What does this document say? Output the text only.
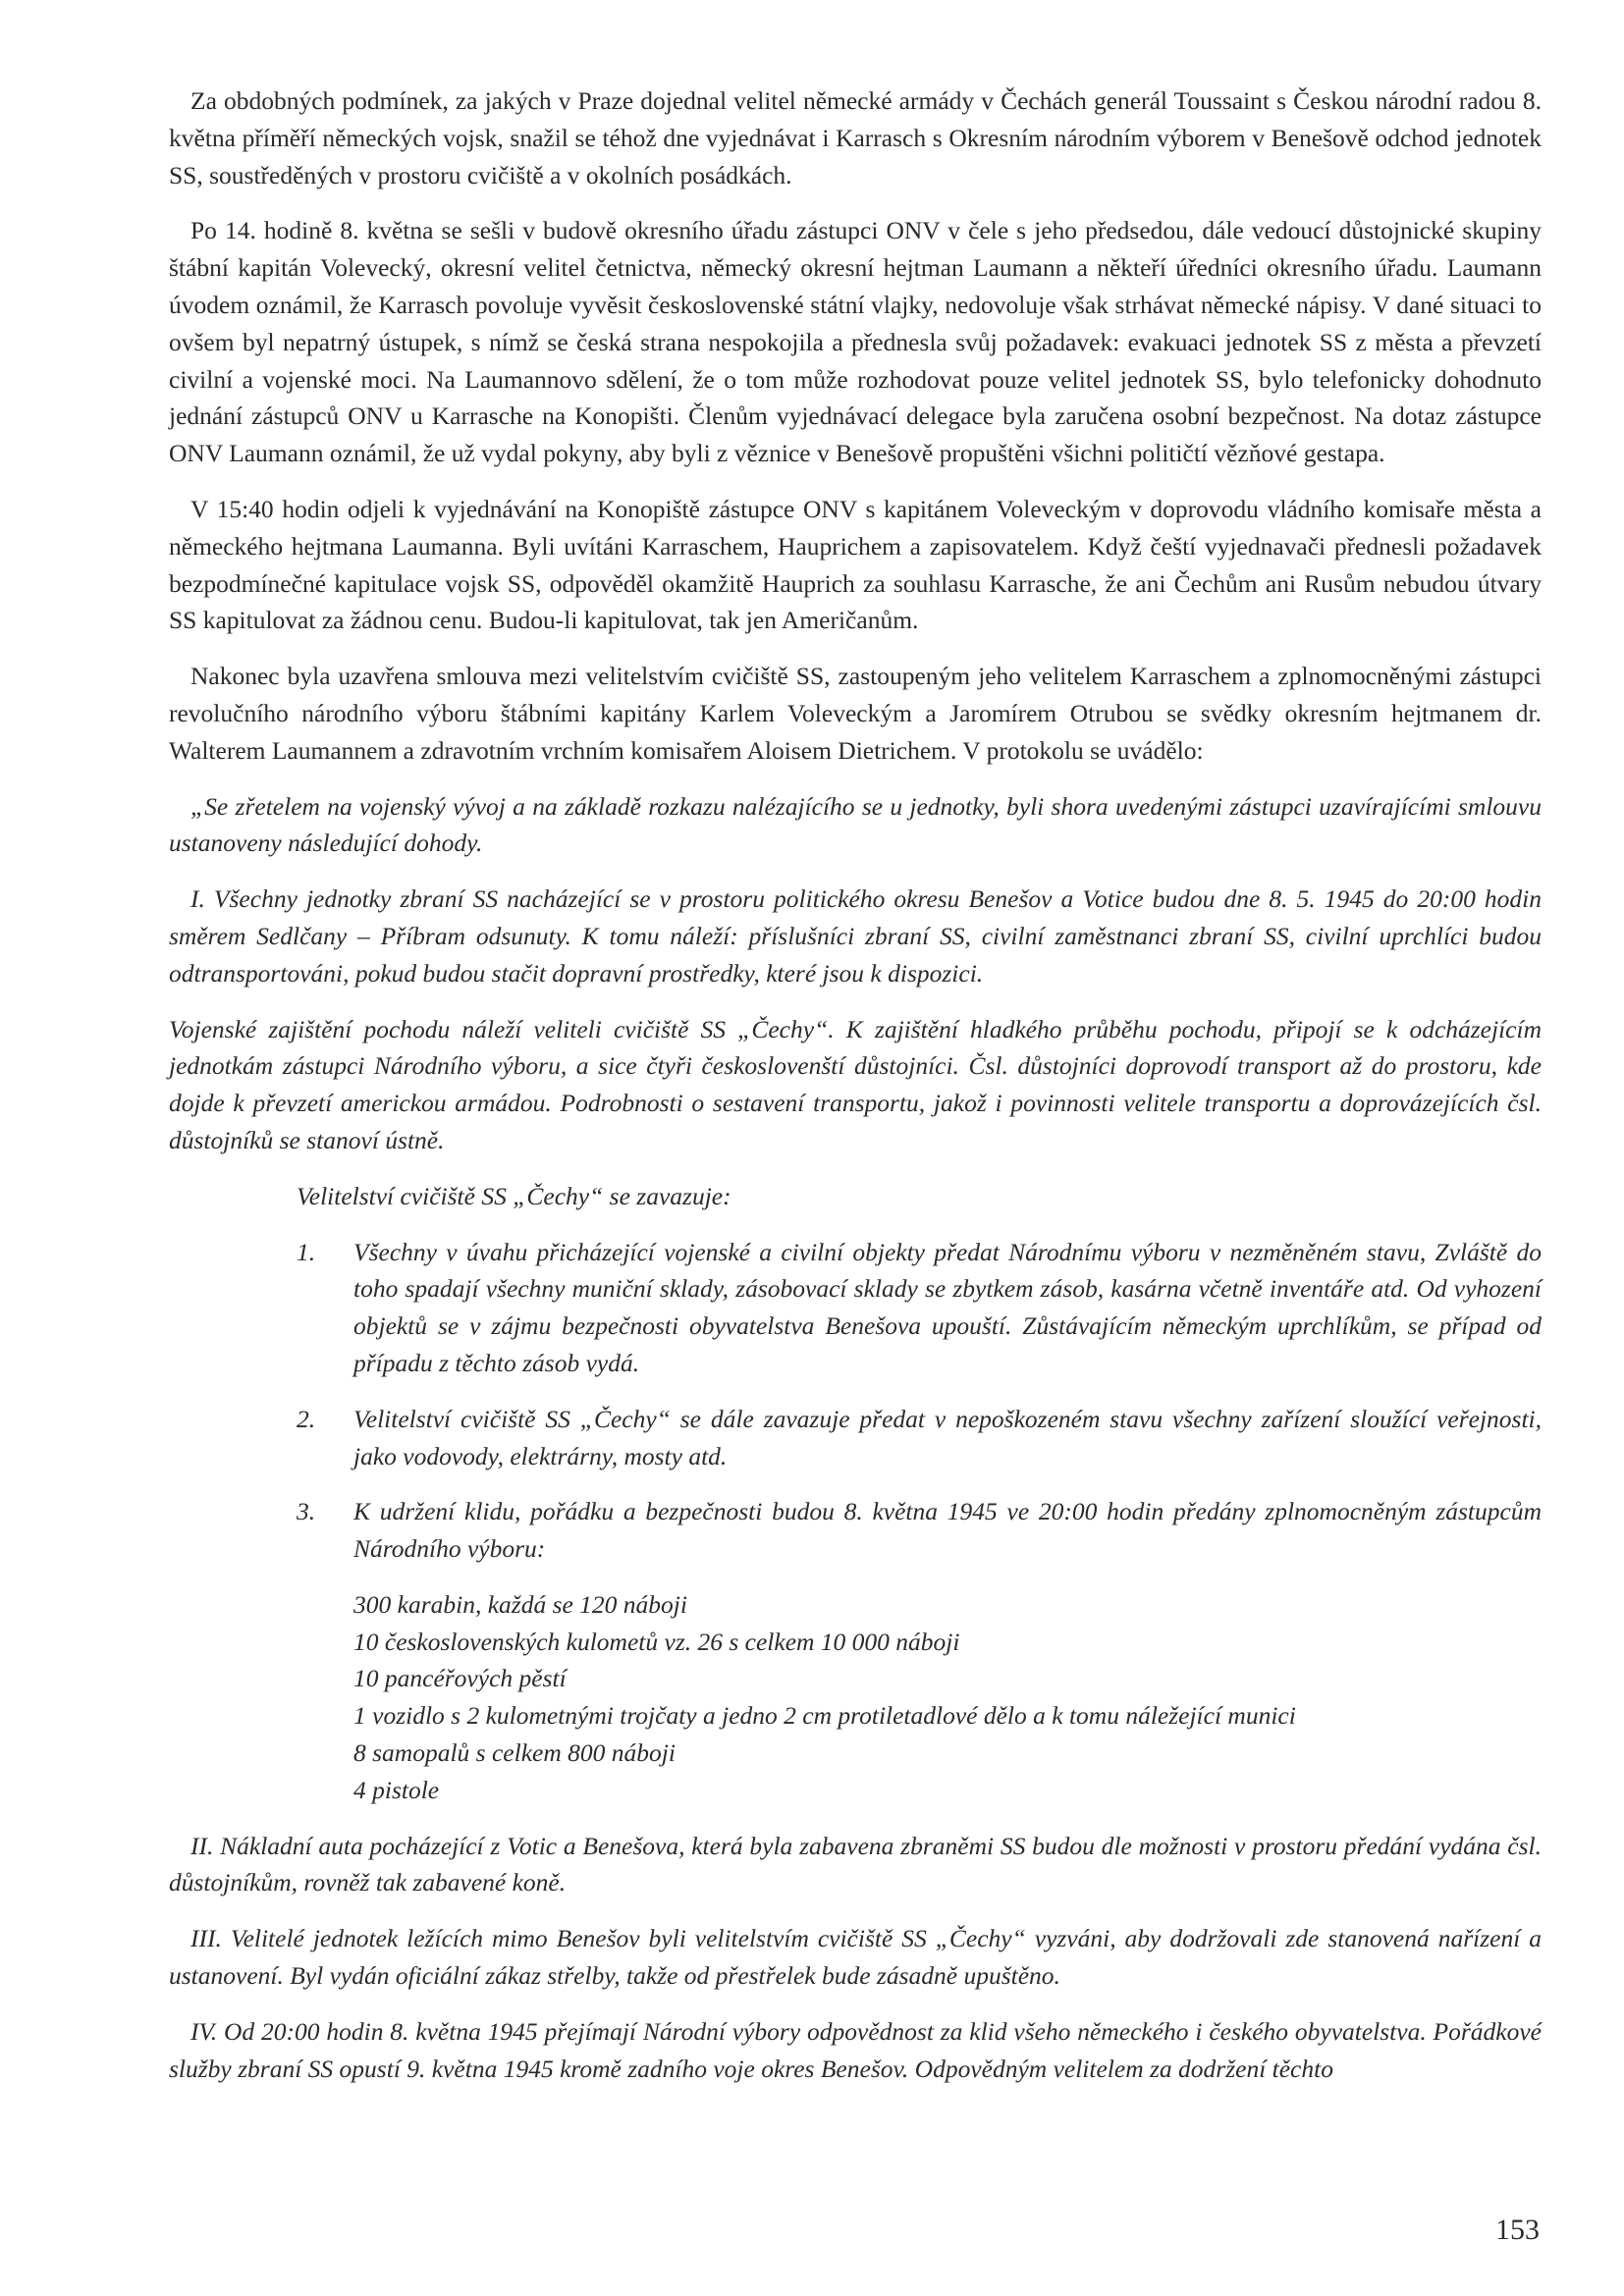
Za obdobných podmínek, za jakých v Praze dojednal velitel německé armády v Čechách generál Toussaint s Českou národní radou 8. května příměří německých vojsk, snažil se téhož dne vyjednávat i Karrasch s Okresním národním výborem v Benešově odchod jednotek SS, soustředěných v prostoru cvičiště a v okolních posádkách.

Po 14. hodině 8. května se sešli v budově okresního úřadu zástupci ONV v čele s jeho předsedou, dále vedoucí důstojnické skupiny štábní kapitán Volevecký, okresní velitel četnictva, německý okresní hejtman Laumann a někteří úředníci okresního úřadu. Laumann úvodem oznámil, že Karrasch povoluje vyvěsit československé státní vlajky, nedovoluje však strhávat německé nápisy. V dané situaci to ovšem byl nepatrný ústupek, s nímž se česká strana nespokojila a přednesla svůj požadavek: evakuaci jednotek SS z města a převzetí civilní a vojenské moci. Na Laumannovo sdělení, že o tom může rozhodovat pouze velitel jednotek SS, bylo telefonicky dohodnuto jednání zástupců ONV u Karrasche na Konopišti. Členům vyjednávací delegace byla zaručena osobní bezpečnost. Na dotaz zástupce ONV Laumann oznámil, že už vydal pokyny, aby byli z věznice v Benešově propuštěni všichni političtí vězňové gestapa.

V 15:40 hodin odjeli k vyjednávání na Konopiště zástupce ONV s kapitánem Voleveckým v doprovodu vládního komisaře města a německého hejtmana Laumanna. Byli uvítáni Karraschem, Hauprichem a zapisovatelem. Když čeští vyjednavači přednesli požadavek bezpodmínečné kapitulace vojsk SS, odpověděl okamžitě Hauprich za souhlasu Karrasche, že ani Čechům ani Rusům nebudou útvary SS kapitulovat za žádnou cenu. Budou-li kapitulovat, tak jen Američanům.

Nakonec byla uzavřena smlouva mezi velitelstvím cvičiště SS, zastoupeným jeho velitelem Karraschem a zplnomocněnými zástupci revolučního národního výboru štábními kapitány Karlem Voleveckým a Jaromírem Otrubou se svědky okresním hejtmanem dr. Walterem Laumannem a zdravotním vrchním komisařem Aloisem Dietrichem. V protokolu se uvádělo:

„Se zřetelem na vojenský vývoj a na základě rozkazu nalézajícího se u jednotky, byli shora uvedenými zástupci uzavírajícími smlouvu ustanoveny následující dohody.

I. Všechny jednotky zbraní SS nacházející se v prostoru politického okresu Benešov a Votice budou dne 8. 5. 1945 do 20:00 hodin směrem Sedlčany – Příbram odsunuty. K tomu náleží: příslušníci zbraní SS, civilní zaměstnanci zbraní SS, civilní uprchlíci budou odtransportováni, pokud budou stačit dopravní prostředky, které jsou k dispozici.

Vojenské zajištění pochodu náleží veliteli cvičiště SS „Čechy“. K zajištění hladkého průběhu pochodu, připojí se k odcházejícím jednotkám zástupci Národního výboru, a sice čtyři českoslovenští důstojníci. Čsl. důstojníci doprovodí transport až do prostoru, kde dojde k převzetí americkou armádou. Podrobnosti o sestavení transportu, jakož i povinnosti velitele transportu a doprovázejících čsl. důstojníků se stanoví ústně.

Velitelství cvičiště SS „Čechy“ se zavazuje:

1. Všechny v úvahu přicházející vojenské a civilní objekty předat Národnímu výboru v nezměněném stavu, Zvláště do toho spadají všechny muniční sklady, zásobovací sklady se zbytkem zásob, kasárna včetně inventáře atd. Od vyhození objektů se v zájmu bezpečnosti obyvatelstva Benešova upouští. Zůstávajícím německým uprchlíkům, se případ od případu z těchto zásob vydá.
2. Velitelství cvičiště SS „Čechy“ se dále zavazuje předat v nepoškozeném stavu všechny zařízení sloužící veřejnosti, jako vodovody, elektrárny, mosty atd.
3. K udržení klidu, pořádku a bezpečnosti budou 8. května 1945 ve 20:00 hodin předány zplnomocněným zástupcům Národního výboru:
300 karabin, každá se 120 náboji
10 československých kulometů vz. 26 s celkem 10 000 náboji
10 pancéřových pěstí
1 vozidlo s 2 kulometnými trojčaty a jedno 2 cm protiletadlové dělo a k tomu náležející munici
8 samopalů s celkem 800 náboji
4 pistole

II. Nákladní auta pocházející z Votic a Benešova, která byla zabavena zbraněmi SS budou dle možnosti v prostoru předání vydána čsl. důstojníkům, rovněž tak zabavené koně.

III. Velitelé jednotek ležících mimo Benešov byli velitelstvím cvičiště SS „Čechy“ vyzváni, aby dodržovali zde stanovená nařízení a ustanovení. Byl vydán oficiální zákaz střelby, takže od přestřelek bude zásadně upuštěno.

IV. Od 20:00 hodin 8. května 1945 přejímají Národní výbory odpovědnost za klid všeho německého i českého obyvatelstva. Pořádkové služby zbraní SS opustí 9. května 1945 kromě zadního voje okres Benešov. Odpovědným velitelem za dodržení těchto

153
